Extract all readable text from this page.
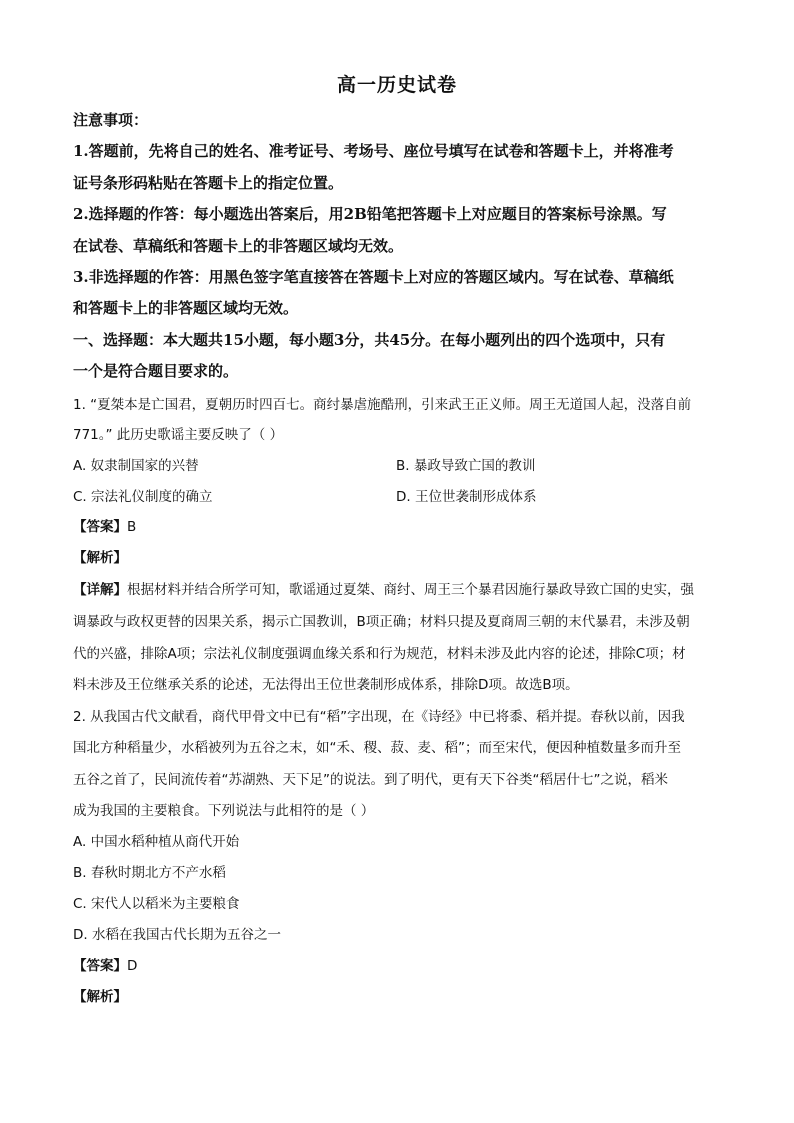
高一历史试卷
注意事项：
1.答题前，先将自己的姓名、准考证号、考场号、座位号填写在试卷和答题卡上，并将准考
证号条形码粘贴在答题卡上的指定位置。
2.选择题的作答：每小题选出答案后，用2B铅笔把答题卡上对应题目的答案标号涂黑。写
在试卷、草稿纸和答题卡上的非答题区域均无效。
3.非选择题的作答：用黑色签字笔直接答在答题卡上对应的答题区域内。写在试卷、草稿纸
和答题卡上的非答题区域均无效。
一、选择题：本大题共15小题，每小题3分，共45分。在每小题列出的四个选项中，只有
一个是符合题目要求的。
1. “夏桀本是亡国君，夏朝历时四百七。商纣暴虐施酷刑，引来武王正义师。周王无道国人起，没落自前
771。” 此历史歌谣主要反映了（ ）
A. 奴隶制国家的兴替	B. 暴政导致亡国的教训
C. 宗法礼仪制度的确立	D. 王位世袭制形成体系
【答案】B
【解析】
【详解】根据材料并结合所学可知，歌谣通过夏桀、商纣、周王三个暴君因施行暴政导致亡国的史实，强
调暴政与政权更替的因果关系，揭示亡国教训，B项正确；材料只提及夏商周三朝的末代暴君，未涉及朝
代的兴盛，排除A项；宗法礼仪制度强调血缘关系和行为规范，材料未涉及此内容的论述，排除C项；材
料未涉及王位继承关系的论述，无法得出王位世袭制形成体系，排除D项。故选B项。
2. 从我国古代文献看，商代甲骨文中已有“稻”字出现，在《诗经》中已将黍、稻并提。春秋以前，因我
国北方种稻量少，水稻被列为五谷之末，如“禾、稷、菽、麦、稻”；而至宋代，便因种植数量多而升至
五谷之首了，民间流传着“苏湖熟、天下足”的说法。到了明代，更有天下谷类“稻居什七”之说，稻米
成为我国的主要粮食。下列说法与此相符的是（ ）
A. 中国水稻种植从商代开始
B. 春秋时期北方不产水稻
C. 宋代人以稻米为主要粮食
D. 水稻在我国古代长期为五谷之一
【答案】D
【解析】
